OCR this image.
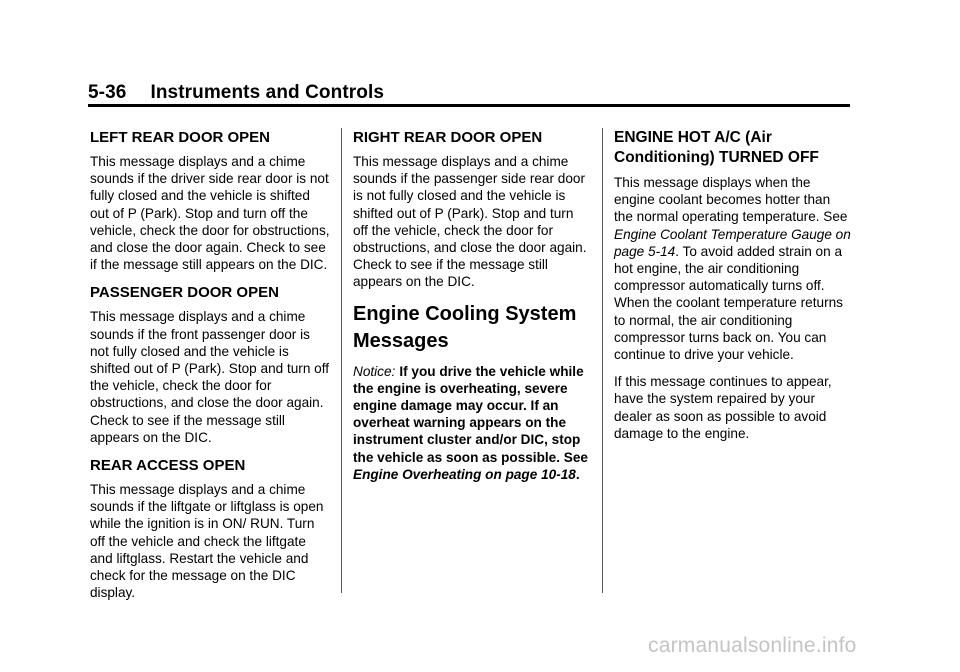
5-36 Instruments and Controls
LEFT REAR DOOR OPEN

This message displays and a chime sounds if the driver side rear door is not fully closed and the vehicle is shifted out of P (Park). Stop and turn off the vehicle, check the door for obstructions, and close the door again. Check to see if the message still appears on the DIC.

PASSENGER DOOR OPEN

This message displays and a chime sounds if the front passenger door is not fully closed and the vehicle is shifted out of P (Park). Stop and turn off the vehicle, check the door for obstructions, and close the door again. Check to see if the message still appears on the DIC.

REAR ACCESS OPEN

This message displays and a chime sounds if the liftgate or liftglass is open while the ignition is in ON/ RUN. Turn off the vehicle and check the liftgate and liftglass. Restart the vehicle and check for the message on the DIC display.

RIGHT REAR DOOR OPEN

This message displays and a chime sounds if the passenger side rear door is not fully closed and the vehicle is shifted out of P (Park). Stop and turn off the vehicle, check the door for obstructions, and close the door again. Check to see if the message still appears on the DIC.

Engine Cooling System Messages

Notice: If you drive the vehicle while the engine is overheating, severe engine damage may occur. If an overheat warning appears on the instrument cluster and/or DIC, stop the vehicle as soon as possible. See Engine Overheating on page 10-18.

ENGINE HOT A/C (Air Conditioning) TURNED OFF

This message displays when the engine coolant becomes hotter than the normal operating temperature. See Engine Coolant Temperature Gauge on page 5-14. To avoid added strain on a hot engine, the air conditioning compressor automatically turns off. When the coolant temperature returns to normal, the air conditioning compressor turns back on. You can continue to drive your vehicle.

If this message continues to appear, have the system repaired by your dealer as soon as possible to avoid damage to the engine.

carmanualsonline.info
